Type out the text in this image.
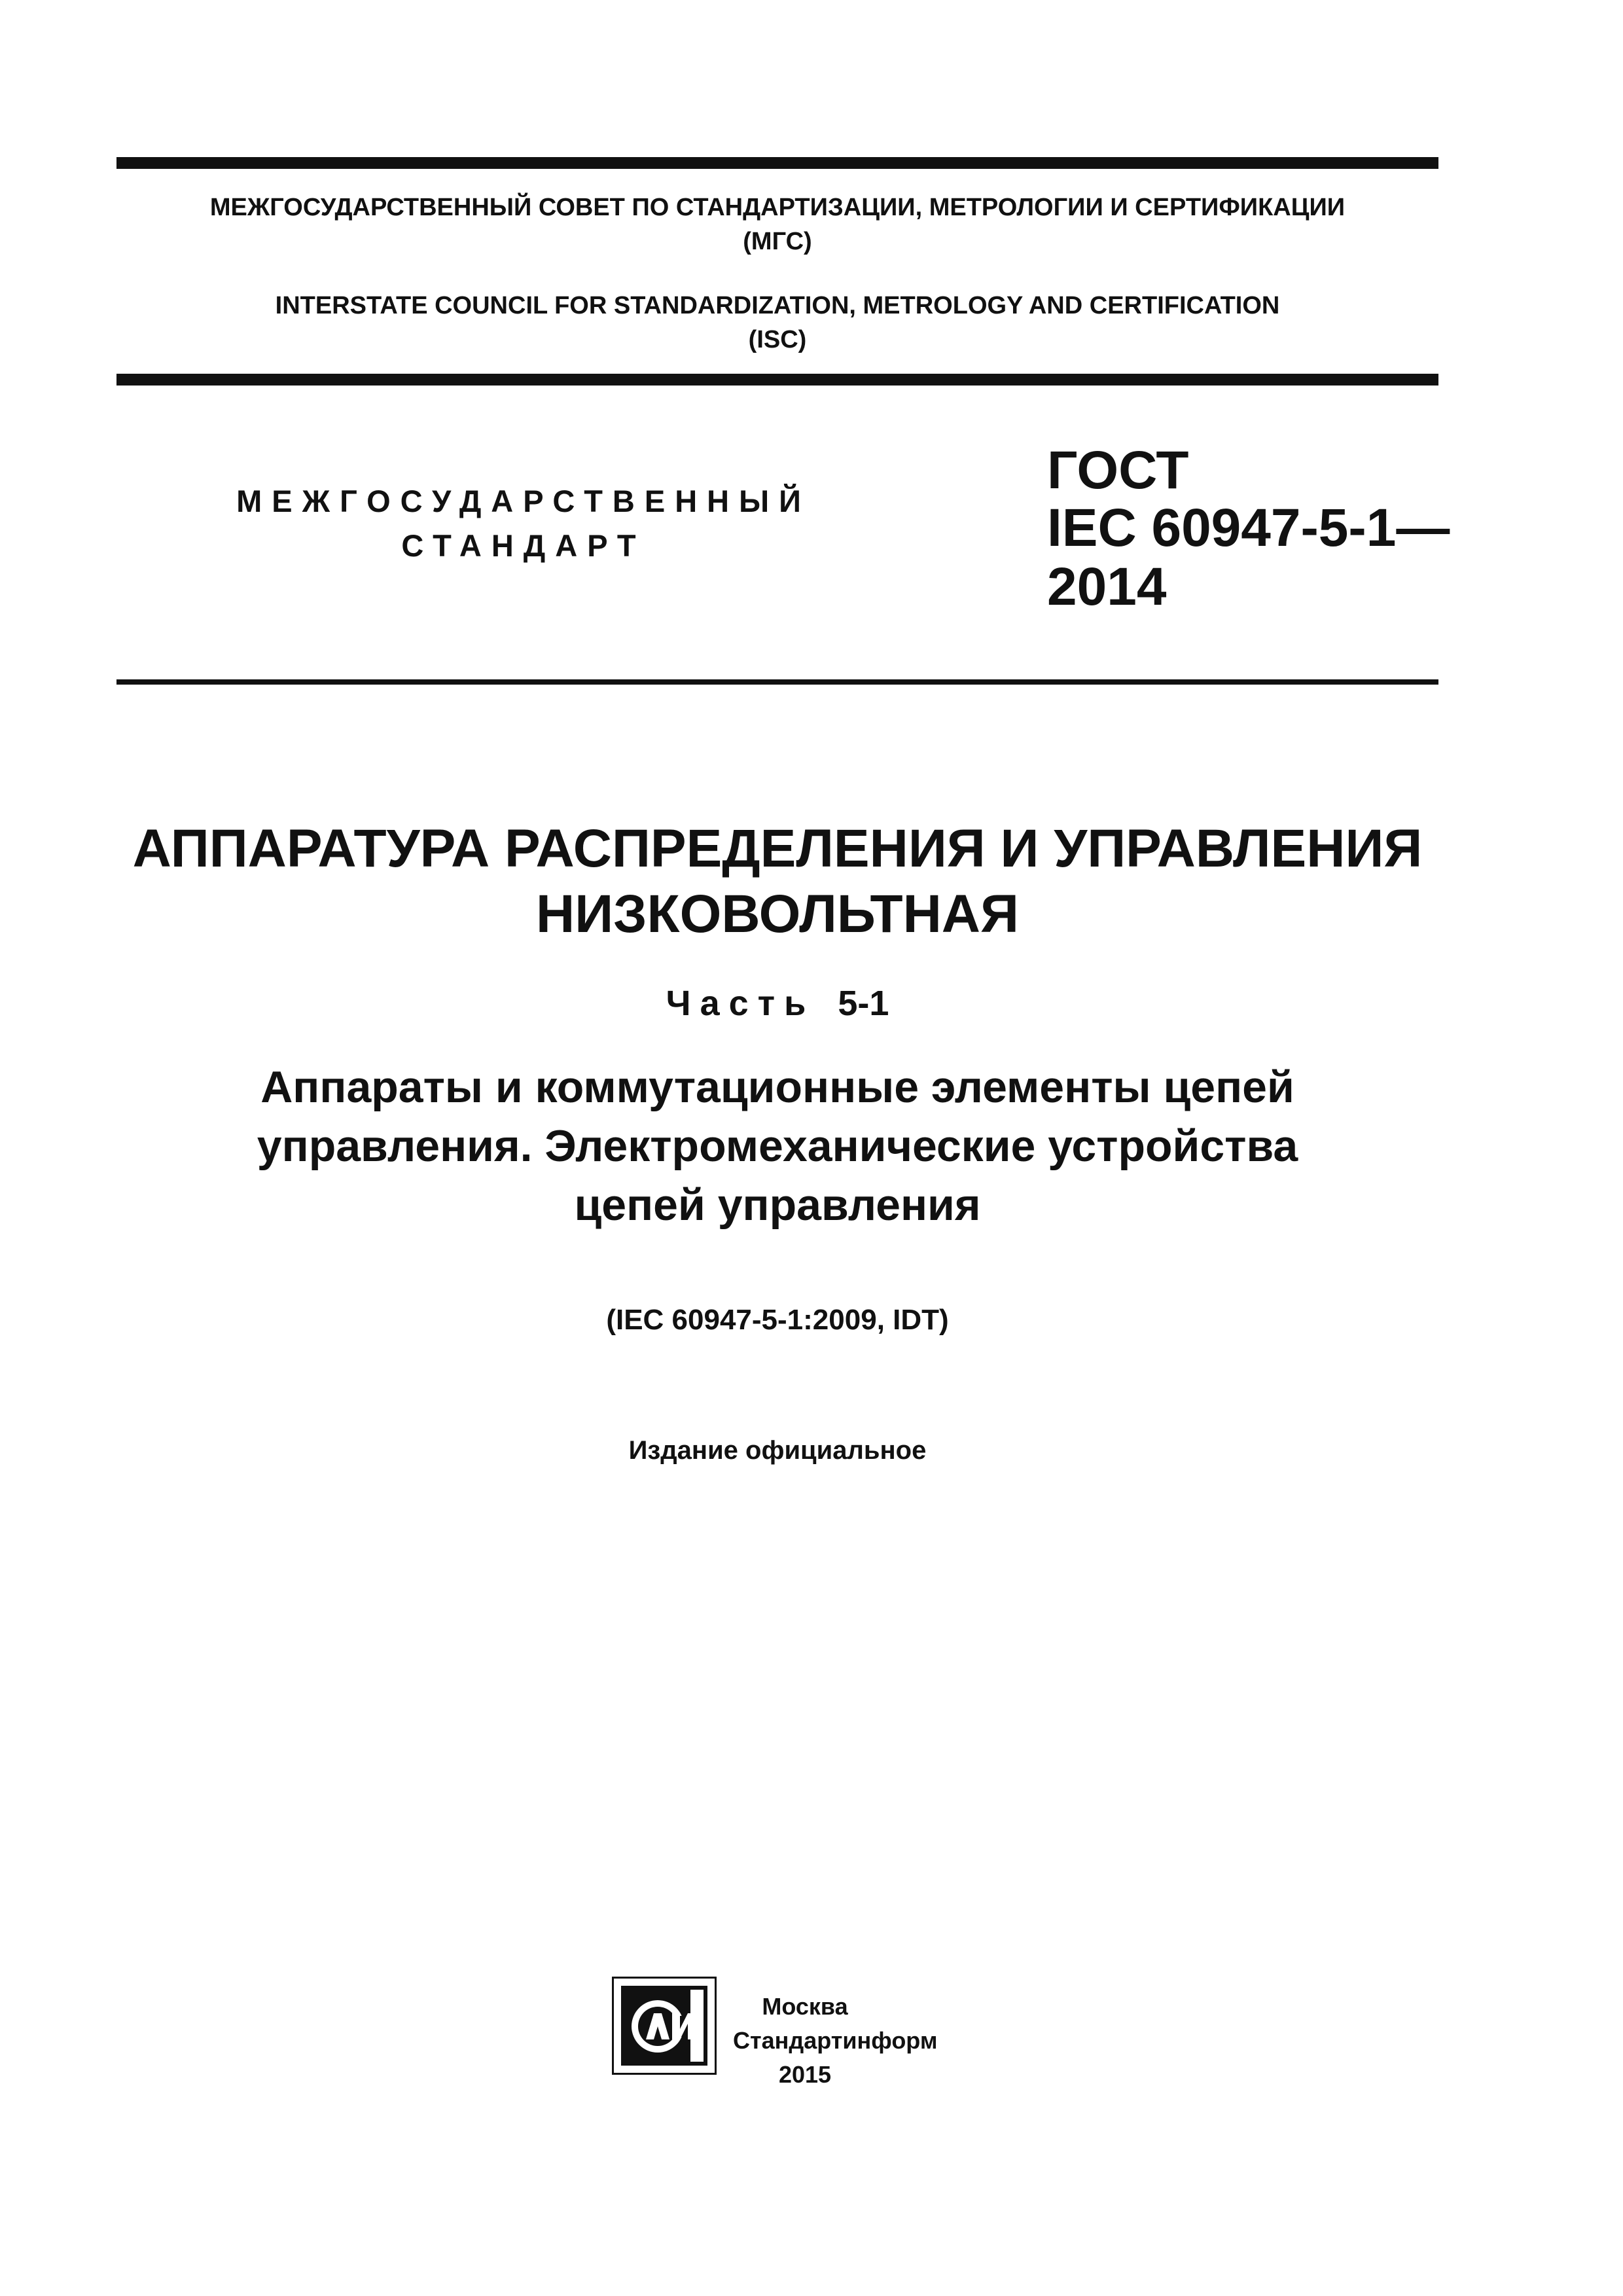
МЕЖГОСУДАРСТВЕННЫЙ СОВЕТ ПО СТАНДАРТИЗАЦИИ, МЕТРОЛОГИИ И СЕРТИФИКАЦИИ
(МГС)
INTERSTATE COUNCIL FOR STANDARDIZATION, METROLOGY AND CERTIFICATION
(ISC)
МЕЖГОСУДАРСТВЕННЫЙ
СТАНДАРТ
ГОСТ
IEC 60947-5-1—
2014
АППАРАТУРА РАСПРЕДЕЛЕНИЯ И УПРАВЛЕНИЯ
НИЗКОВОЛЬТНАЯ
Часть 5-1
Аппараты и коммутационные элементы цепей
управления. Электромеханические устройства
цепей управления
(IEC 60947-5-1:2009, IDT)
Издание официальное
Москва
Стандартинформ
2015
